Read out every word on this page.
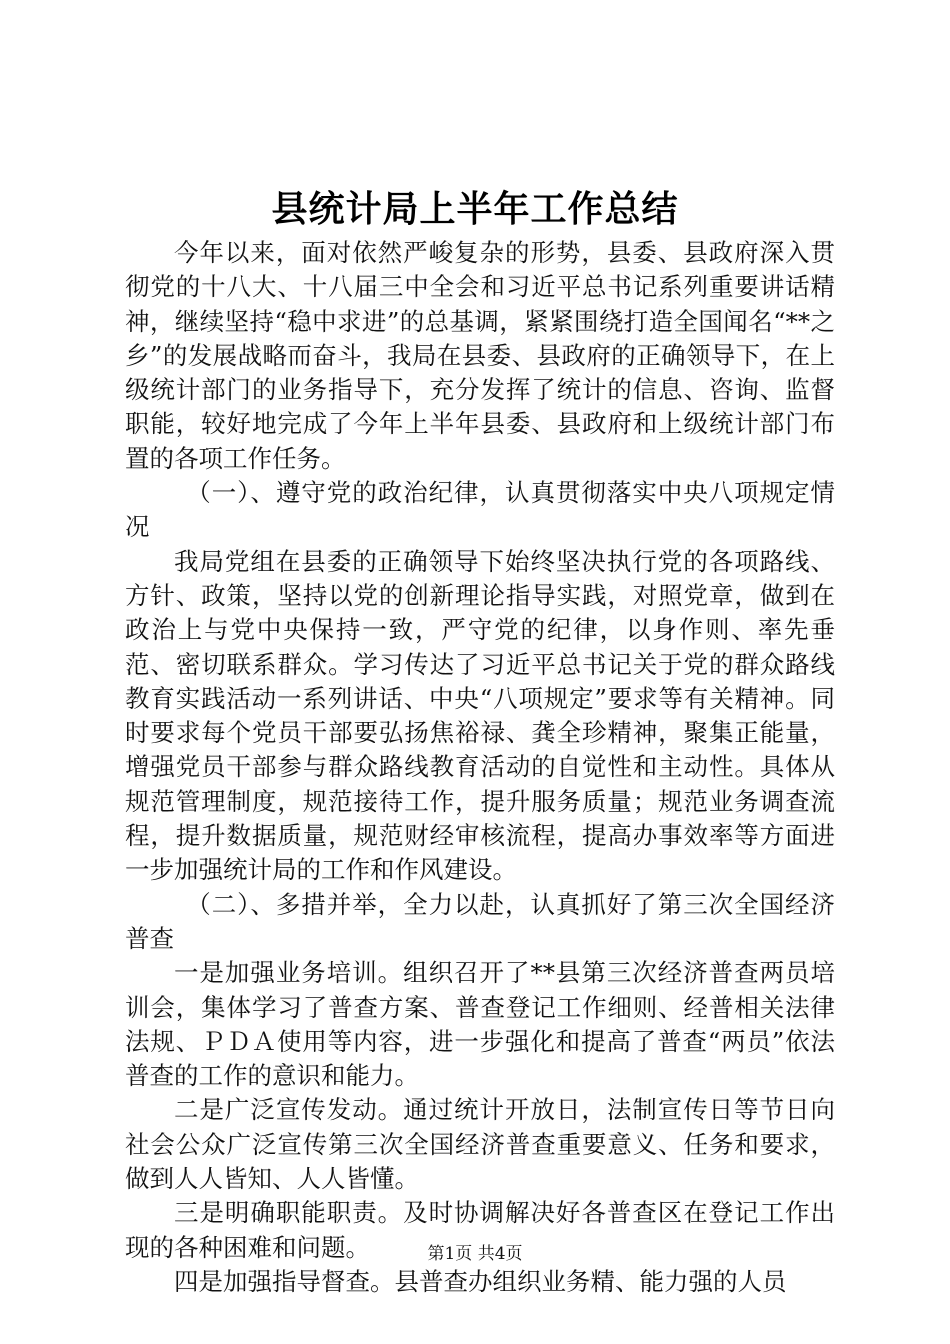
县统计局上半年工作总结

今年以来，面对依然严峻复杂的形势，县委、县政府深入贯彻党的十八大、十八届三中全会和习近平总书记系列重要讲话精神，继续坚持“稳中求进”的总基调，紧紧围绕打造全国闻名“**之乡”的发展战略而奋斗，我局在县委、县政府的正确领导下，在上级统计部门的业务指导下，充分发挥了统计的信息、咨询、监督职能，较好地完成了今年上半年县委、县政府和上级统计部门布置的各项工作任务。

（一）、遵守党的政治纪律，认真贯彻落实中央八项规定情况

我局党组在县委的正确领导下始终坚决执行党的各项路线、方针、政策，坚持以党的创新理论指导实践，对照党章，做到在政治上与党中央保持一致，严守党的纪律，以身作则、率先垂范、密切联系群众。学习传达了习近平总书记关于党的群众路线教育实践活动一系列讲话、中央“八项规定”要求等有关精神。同时要求每个党员干部要弘扬焦裕禄、龚全珍精神，聚集正能量，增强党员干部参与群众路线教育活动的自觉性和主动性。具体从规范管理制度，规范接待工作，提升服务质量；规范业务调查流程，提升数据质量，规范财经审核流程，提高办事效率等方面进一步加强统计局的工作和作风建设。

（二）、多措并举，全力以赴，认真抓好了第三次全国经济普查

一是加强业务培训。组织召开了**县第三次经济普查两员培训会，集体学习了普查方案、普查登记工作细则、经普相关法律法规、ＰＤＡ使用等内容，进一步强化和提高了普查“两员”依法普查的工作的意识和能力。

二是广泛宣传发动。通过统计开放日，法制宣传日等节日向社会公众广泛宣传第三次全国经济普查重要意义、任务和要求，做到人人皆知、人人皆懂。

三是明确职能职责。及时协调解决好各普查区在登记工作出现的各种困难和问题。

四是加强指导督查。县普查办组织业务精、能力强的人员

第1页 共4页
